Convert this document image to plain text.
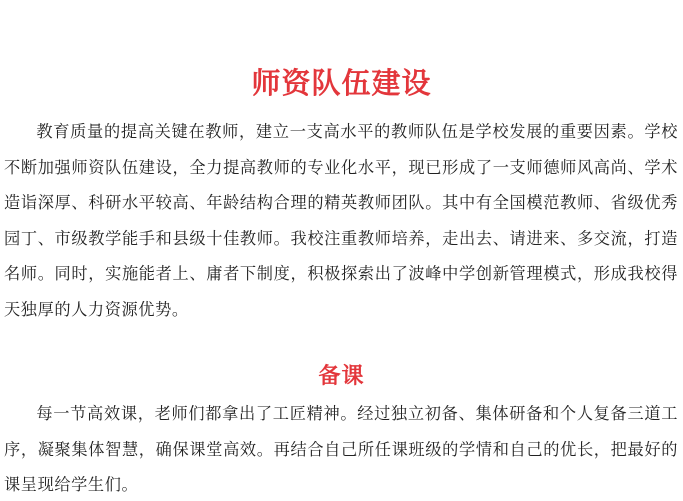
师资队伍建设

教育质量的提高关键在教师，建立一支高水平的教师队伍是学校发展的重要因素。学校不断加强师资队伍建设，全力提高教师的专业化水平，现已形成了一支师德师风高尚、学术造诣深厚、科研水平较高、年龄结构合理的精英教师团队。其中有全国模范教师、省级优秀园丁、市级教学能手和县级十佳教师。我校注重教师培养，走出去、请进来、多交流，打造名师。同时，实施能者上、庸者下制度，积极探索出了波峰中学创新管理模式，形成我校得天独厚的人力资源优势。

备课

每一节高效课，老师们都拿出了工匠精神。经过独立初备、集体研备和个人复备三道工序，凝聚集体智慧，确保课堂高效。再结合自己所任课班级的学情和自己的优长，把最好的课呈现给学生们。
